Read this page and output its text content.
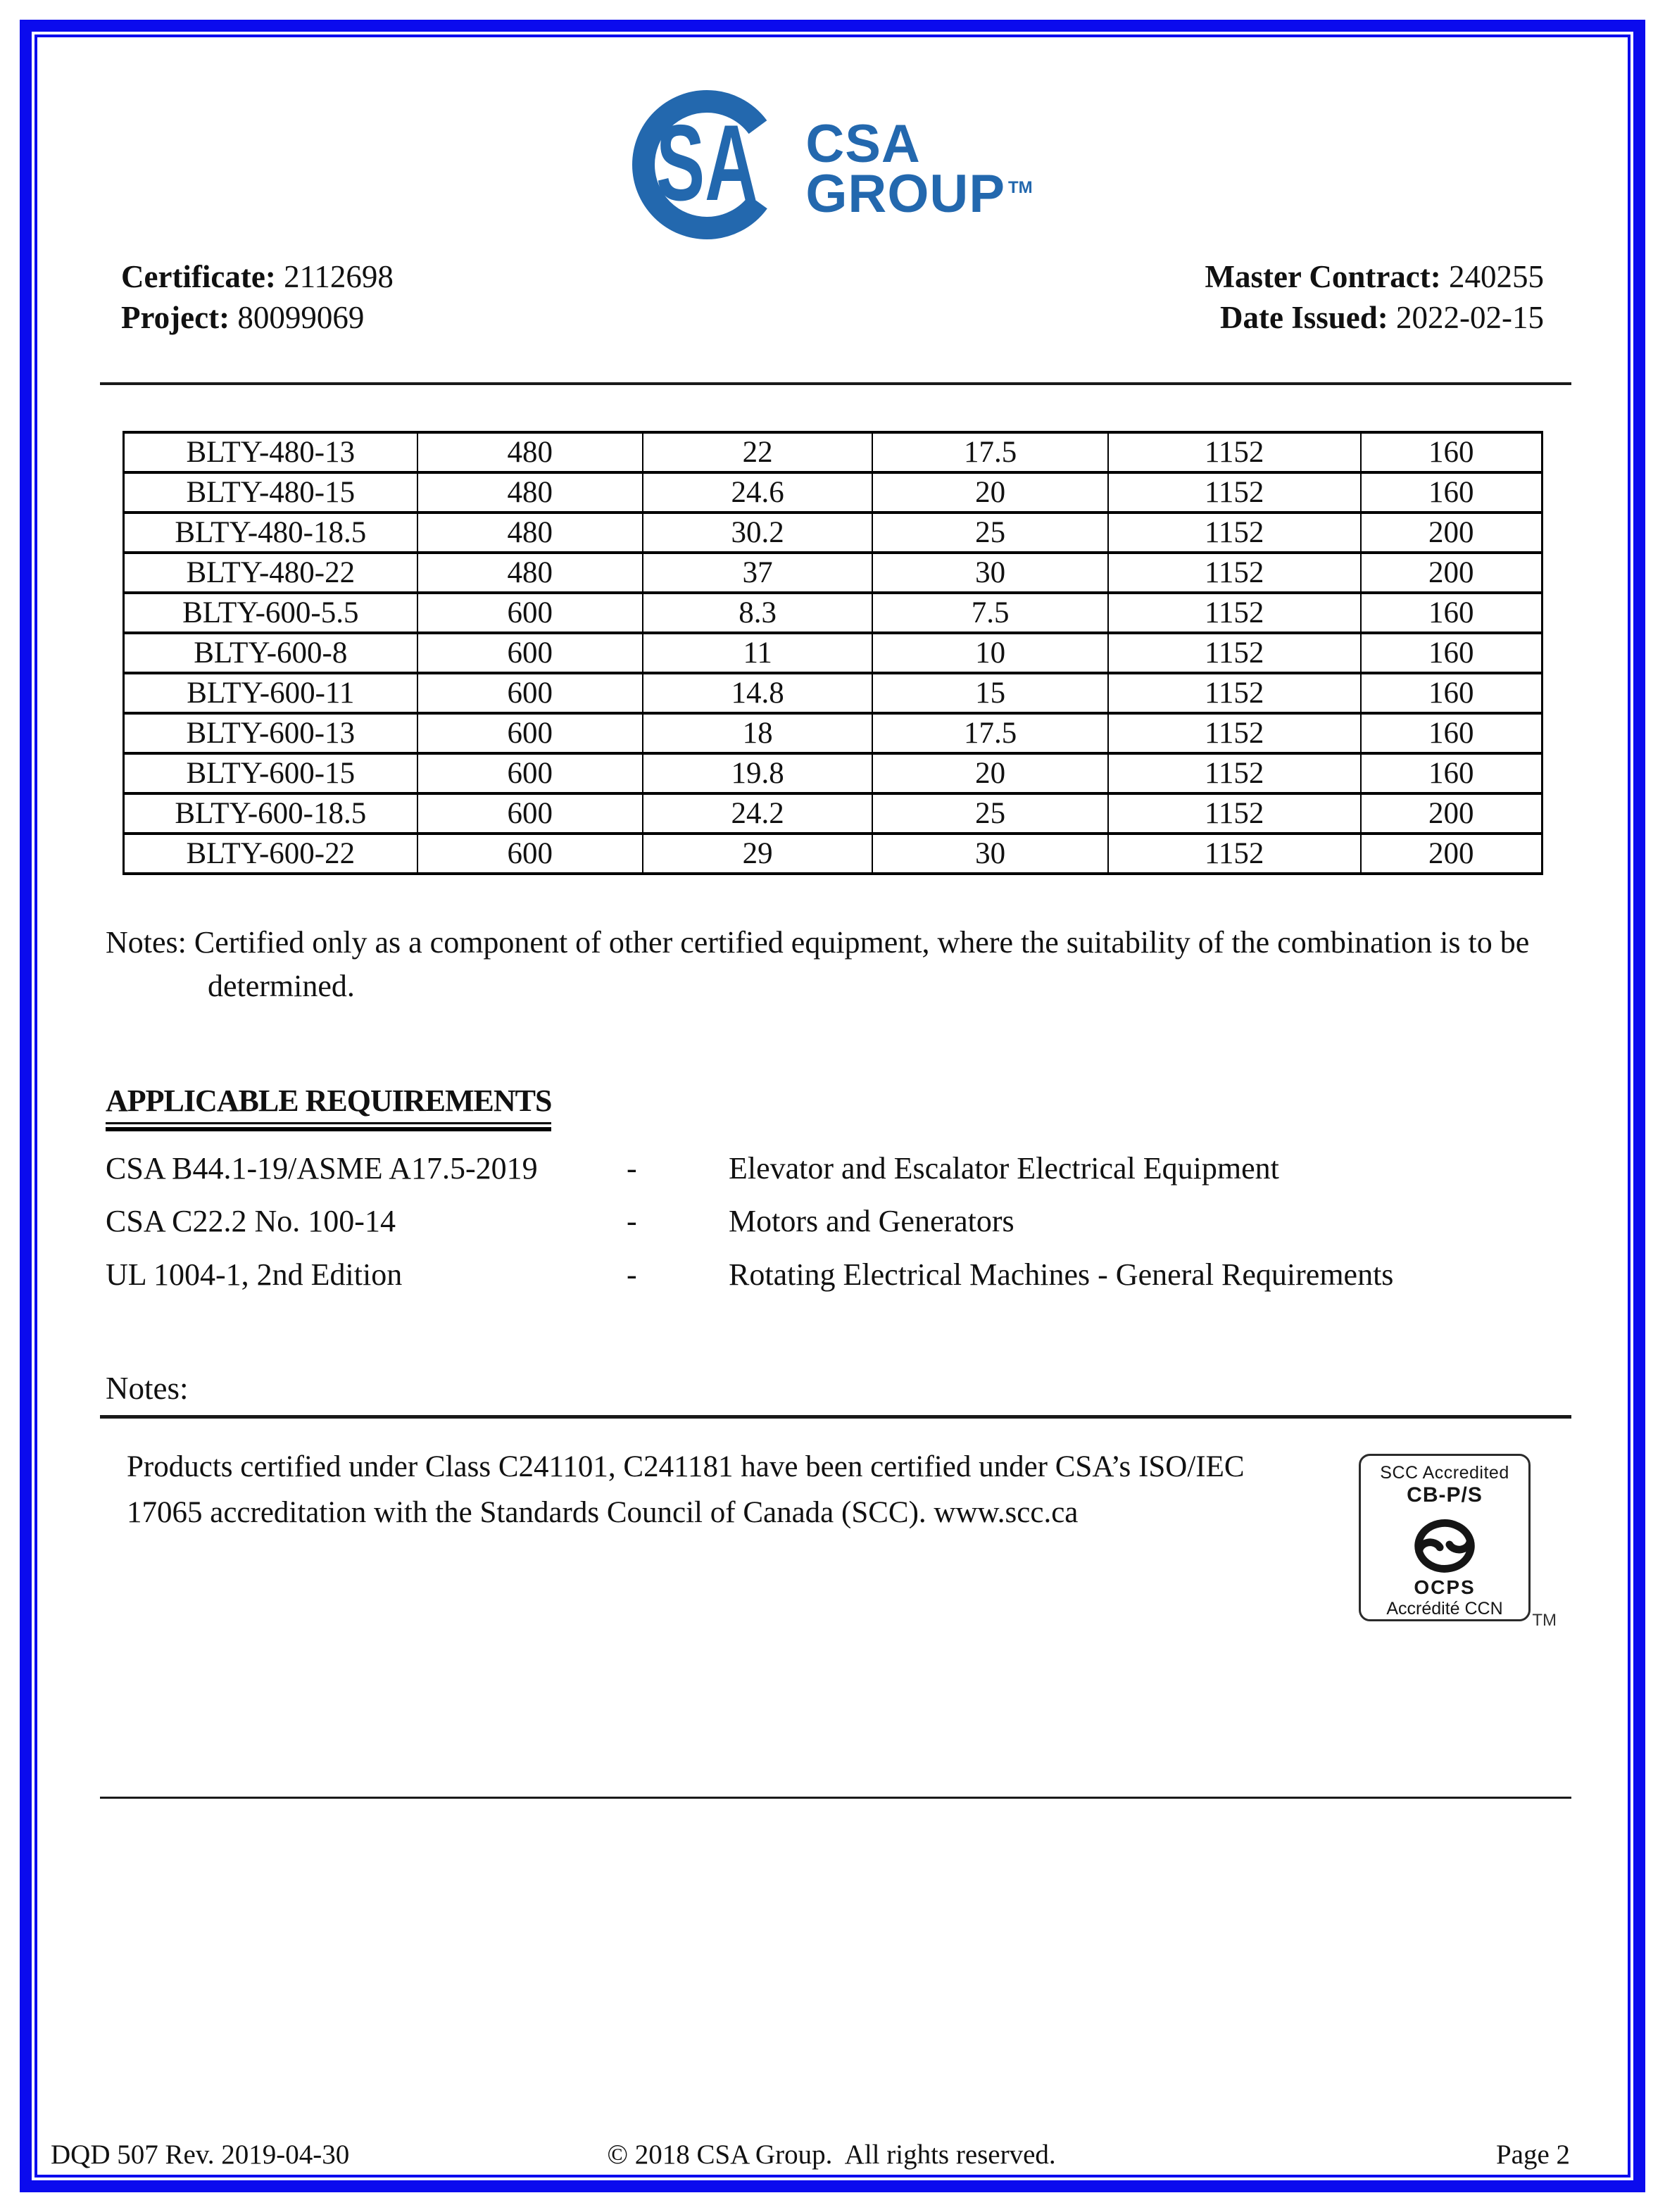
SA CSA
GROUP ™
Certificate: 2112698
Project: 80099069
Master Contract: 240255
Date Issued: 2022-02-15
BLTY-480-13	480	22	17.5	1152	160
BLTY-480-15	480	24.6	20	1152	160
BLTY-480-18.5	480	30.2	25	1152	200
BLTY-480-22	480	37	30	1152	200
BLTY-600-5.5	600	8.3	7.5	1152	160
BLTY-600-8	600	11	10	1152	160
BLTY-600-11	600	14.8	15	1152	160
BLTY-600-13	600	18	17.5	1152	160
BLTY-600-15	600	19.8	20	1152	160
BLTY-600-18.5	600	24.2	25	1152	200
BLTY-600-22	600	29	30	1152	200
Notes: Certified only as a component of other certified equipment, where the suitability of the combination is to be determined.
APPLICABLE REQUIREMENTS
CSA B44.1-19/ASME A17.5-2019	-	Elevator and Escalator Electrical Equipment
CSA C22.2 No. 100-14	-	Motors and Generators
UL 1004-1, 2nd Edition	-	Rotating Electrical Machines - General Requirements
Notes:
Products certified under Class C241101, C241181 have been certified under CSA’s ISO/IEC 17065 accreditation with the Standards Council of Canada (SCC). www.scc.ca
SCC Accredited
CB-P/S
OCPS
Accrédité CCN
TM
DQD 507 Rev. 2019-04-30	© 2018 CSA Group.  All rights reserved.	Page 2
